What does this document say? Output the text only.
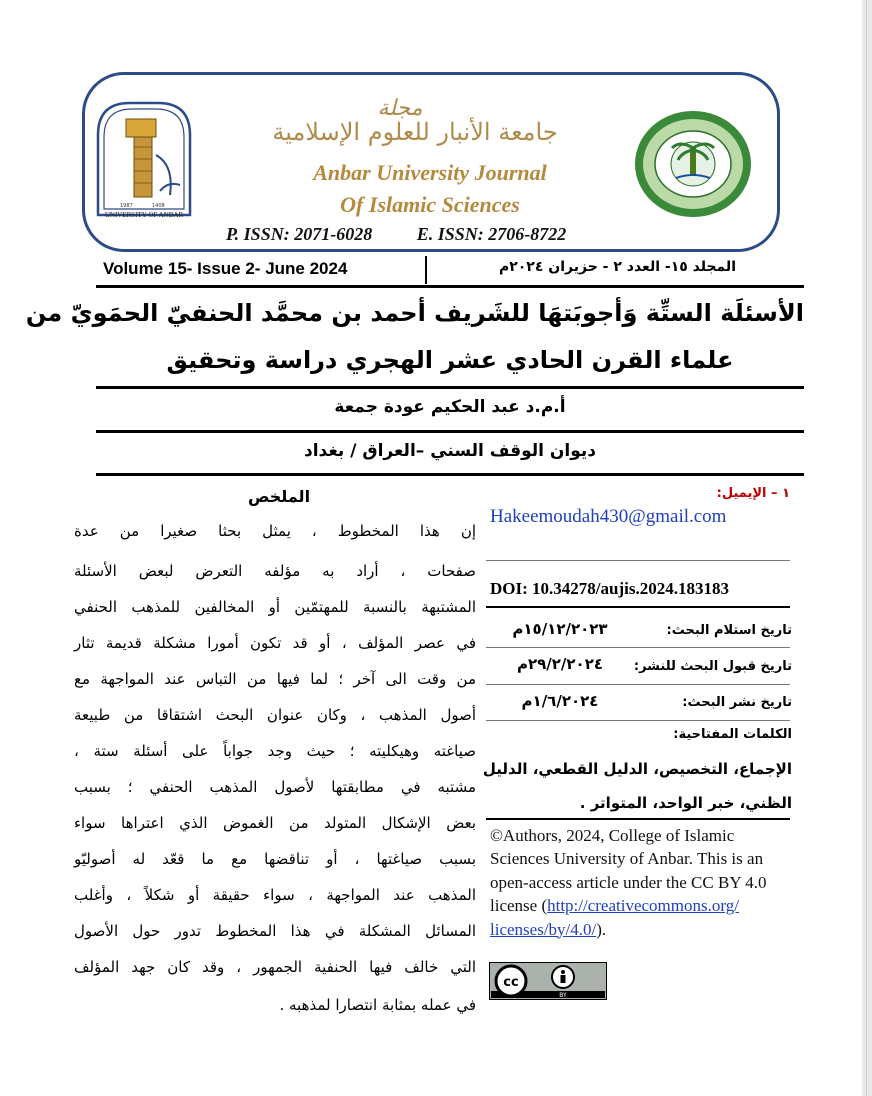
1987	1408
UNIVERSITY OF ANBAR
مجلة
جامعة الأنبار للعلوم الإسلامية
Anbar University Journal
Of Islamic Sciences
P. ISSN: 2071-6028 E. ISSN: 2706-8722
Volume 15- Issue 2- June 2024	المجلد ١٥- العدد ٢ - حزيران ٢٠٢٤م
الأسئلَة الستِّة وَأجوبَتهَا للشَريف أحمد بن محمَّد الحنفيّ الحمَويّ من
علماء القرن الحادي عشر الهجري دراسة وتحقيق
أ.م.د عبد الحكيم عودة جمعة
ديوان الوقف السني –العراق / بغداد
الملخص
إن هذا المخطوط ، يمثل بحثا صغيرا من عدة
صفحات ، أراد به مؤلفه التعرض لبعض الأسئلة
المشتبهة بالنسبة للمهتمّين أو المخالفين للمذهب الحنفي
في عصر المؤلف ، أو قد تكون أمورا مشكلة قديمة تثار
من وقت الى آخر ؛ لما فيها من التباس عند المواجهة مع
أصول المذهب ، وكان عنوان البحث اشتقاقا من طبيعة
صياغته وهيكليته ؛ حيث وجد جواباً على أسئلة ستة ،
مشتبه في مطابقتها لأصول المذهب الحنفي ؛ بسبب
بعض الإشكال المتولد من الغموض الذي اعتراها سواء
بسبب صياغتها ، أو تناقضها مع ما قعّد له أصوليّو
المذهب عند المواجهة ، سواء حقيقة أو شكلاً ، وأغلب
المسائل المشكلة في هذا المخطوط تدور حول الأصول
التي خالف فيها الحنفية الجمهور ، وقد كان جهد المؤلف
في عمله بمثابة انتصارا لمذهبه .
١ – الإيميل:
Hakeemoudah430@gmail.com
DOI: 10.34278/aujis.2024.183183
تاريخ استلام البحث:
١٥/١٢/٢٠٢٣م
تاريخ قبول البحث للنشر:
٢٩/٢/٢٠٢٤م
تاريخ نشر البحث:
١/٦/٢٠٢٤م
الكلمات المفتاحية:
الإجماع، التخصيص، الدليل القطعي، الدليل
الظني، خبر الواحد، المتواتر .
©Authors, 2024, College of Islamic Sciences University of Anbar. This is an open-access article under the CC BY 4.0 license (http://creativecommons.org/
licenses/by/4.0/).
cc
BY
